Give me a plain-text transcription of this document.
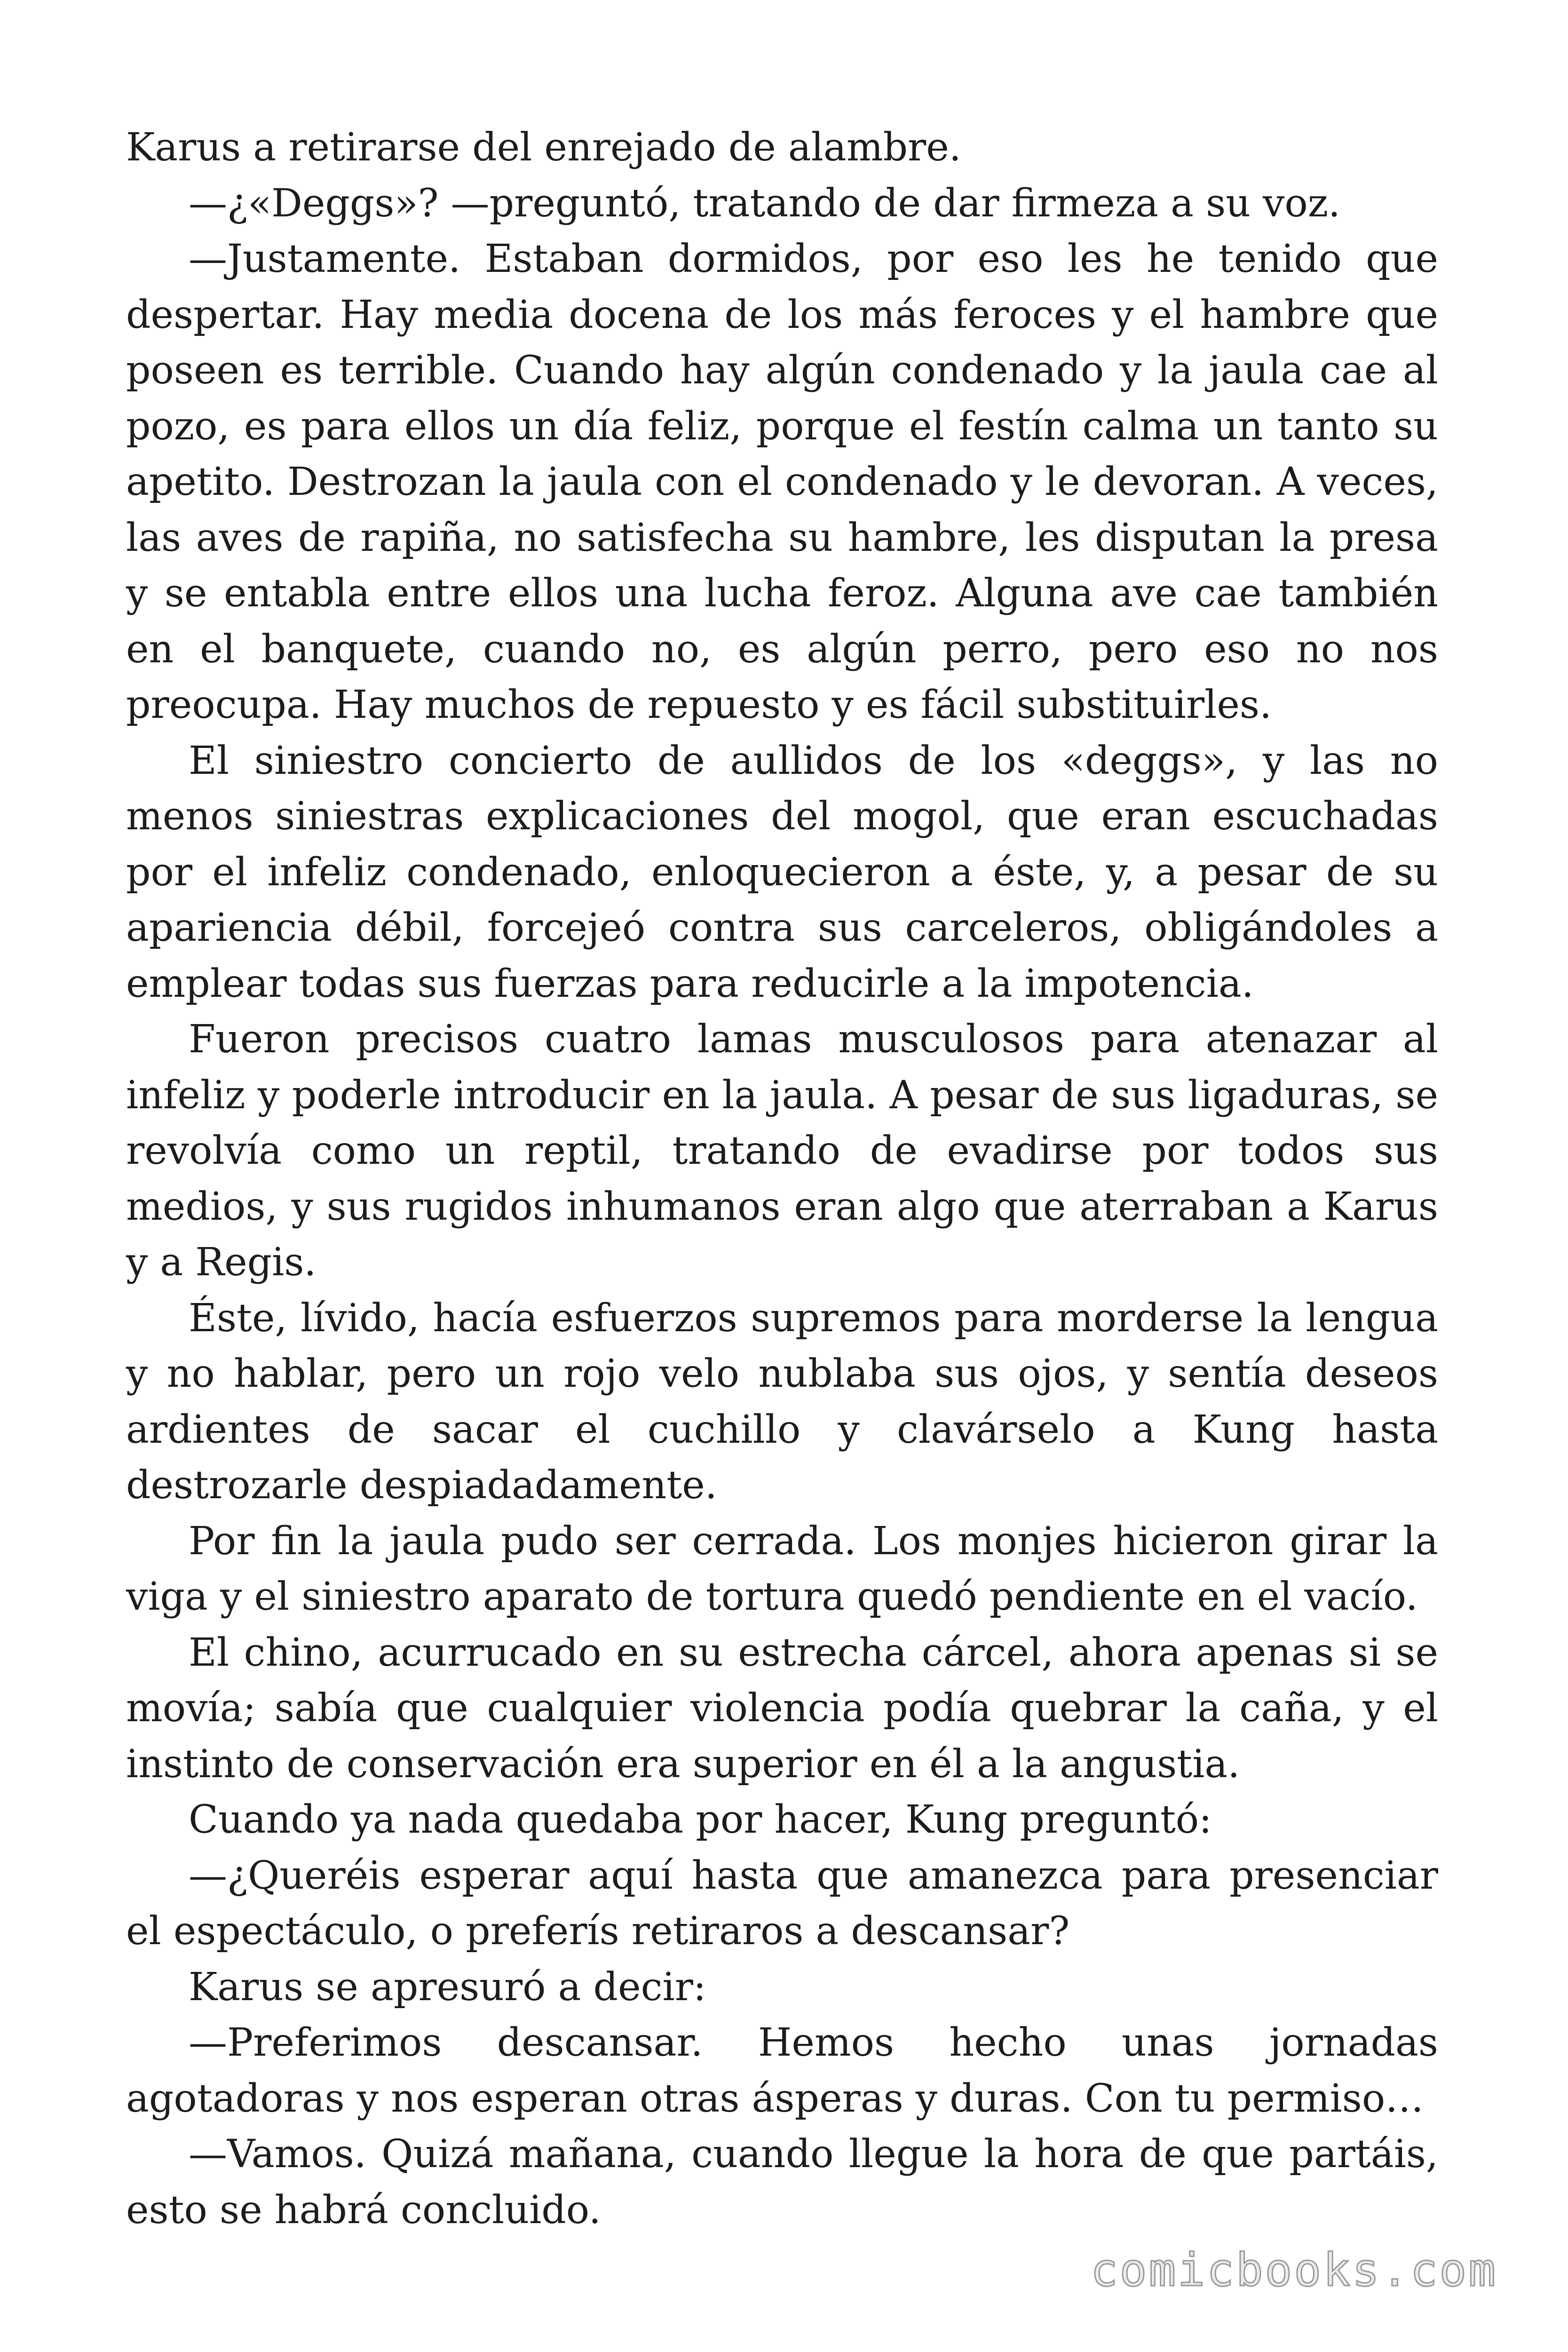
Karus a retirarse del enrejado de alambre.

—¿«Deggs»? —preguntó, tratando de dar firmeza a su voz.

—Justamente. Estaban dormidos, por eso les he tenido que despertar. Hay media docena de los más feroces y el hambre que poseen es terrible. Cuando hay algún condenado y la jaula cae al pozo, es para ellos un día feliz, porque el festín calma un tanto su apetito. Destrozan la jaula con el condenado y le devoran. A veces, las aves de rapiña, no satisfecha su hambre, les disputan la presa y se entabla entre ellos una lucha feroz. Alguna ave cae también en el banquete, cuando no, es algún perro, pero eso no nos preocupa. Hay muchos de repuesto y es fácil substituirles.

El siniestro concierto de aullidos de los «deggs», y las no menos siniestras explicaciones del mogol, que eran escuchadas por el infeliz condenado, enloquecieron a éste, y, a pesar de su apariencia débil, forcejeó contra sus carceleros, obligándoles a emplear todas sus fuerzas para reducirle a la impotencia.

Fueron precisos cuatro lamas musculosos para atenazar al infeliz y poderle introducir en la jaula. A pesar de sus ligaduras, se revolvía como un reptil, tratando de evadirse por todos sus medios, y sus rugidos inhumanos eran algo que aterraban a Karus y a Regis.

Éste, lívido, hacía esfuerzos supremos para morderse la lengua y no hablar, pero un rojo velo nublaba sus ojos, y sentía deseos ardientes de sacar el cuchillo y clavárselo a Kung hasta destrozarle despiadadamente.

Por fin la jaula pudo ser cerrada. Los monjes hicieron girar la viga y el siniestro aparato de tortura quedó pendiente en el vacío.

El chino, acurrucado en su estrecha cárcel, ahora apenas si se movía; sabía que cualquier violencia podía quebrar la caña, y el instinto de conservación era superior en él a la angustia.

Cuando ya nada quedaba por hacer, Kung preguntó:

—¿Queréis esperar aquí hasta que amanezca para presenciar el espectáculo, o preferís retiraros a descansar?

Karus se apresuró a decir:

—Preferimos descansar. Hemos hecho unas jornadas agotadoras y nos esperan otras ásperas y duras. Con tu permiso…

—Vamos. Quizá mañana, cuando llegue la hora de que partáis, esto se habrá concluido.

comicbooks.com
